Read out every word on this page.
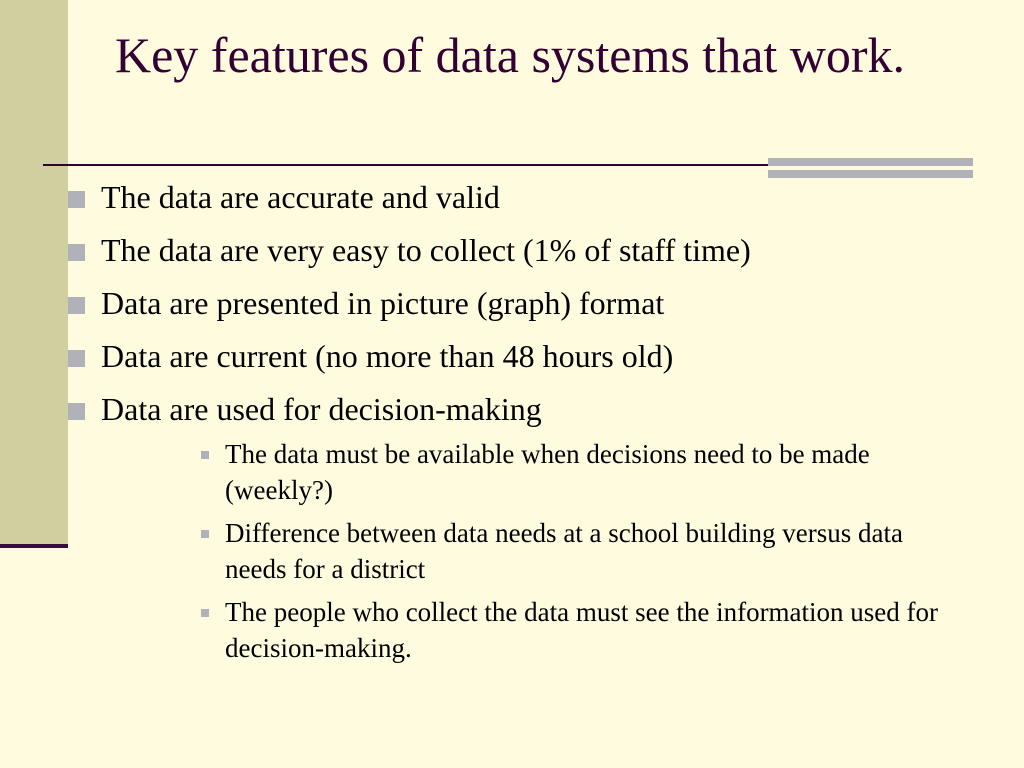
Key features of data systems that work.
The data are accurate and valid
The data are very easy to collect (1% of staff time)
Data are presented in picture (graph) format
Data are current (no more than 48 hours old)
Data are used for decision-making
The data must be available when decisions need to be made (weekly?)
Difference between data needs at a school building versus data needs for a district
The people who collect the data must see the information used for decision-making.
